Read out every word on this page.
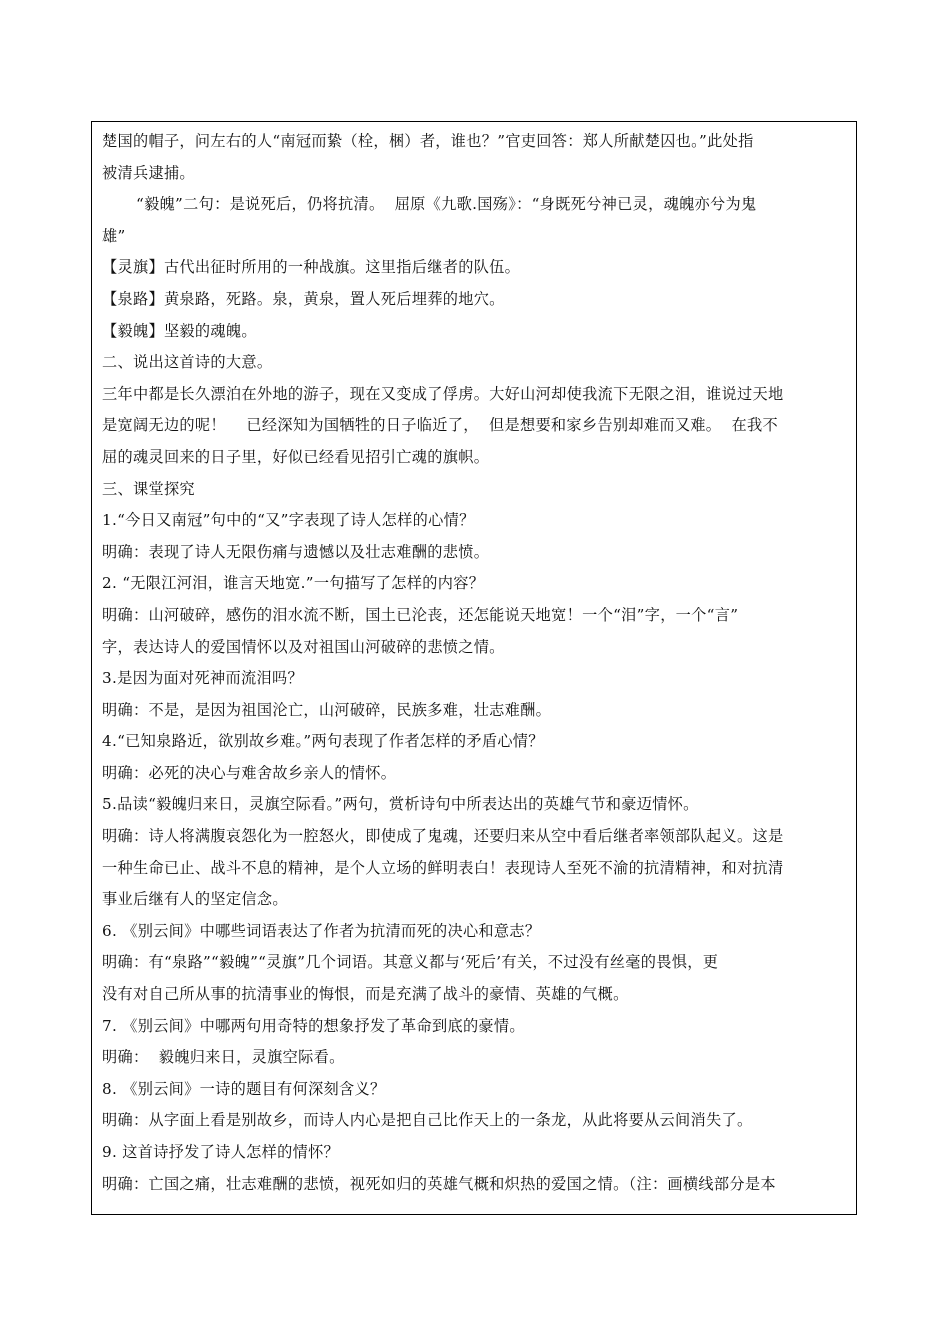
楚国的帽子，问左右的人“南冠而絷（栓，梱）者，谁也？”官吏回答：郑人所献楚囚也。”此处指

被清兵逮捕。

“毅魄”二句：是说死后，仍将抗清。  屈原《九歌.国殇》：“身既死兮神已灵，魂魄亦兮为鬼

雄”

【灵旗】古代出征时所用的一种战旗。这里指后继者的队伍。

【泉路】黄泉路，死路。泉，黄泉，置人死后埋葬的地穴。

【毅魄】坚毅的魂魄。

二、说出这首诗的大意。

三年中都是长久漂泊在外地的游子，现在又变成了俘虏。大好山河却使我流下无限之泪，谁说过天地

是宽阔无边的呢！    已经深知为国牺牲的日子临近了，  但是想要和家乡告别却难而又难。  在我不

屈的魂灵回来的日子里，好似已经看见招引亡魂的旗帜。

三、课堂探究

1.“今日又南冠”句中的“又”字表现了诗人怎样的心情？

明确：表现了诗人无限伤痛与遗憾以及壮志难酬的悲愤。

2. “无限江河泪，谁言天地宽.”一句描写了怎样的内容？

明确：山河破碎，感伤的泪水流不断，国土已沦丧，还怎能说天地宽！一个“泪”字，一个“言”

字，表达诗人的爱国情怀以及对祖国山河破碎的悲愤之情。

3.是因为面对死神而流泪吗？

明确：不是，是因为祖国沦亡，山河破碎，民族多难，壮志难酬。

4.“已知泉路近，欲别故乡难。”两句表现了作者怎样的矛盾心情？

明确：必死的决心与难舍故乡亲人的情怀。

5.品读“毅魄归来日，灵旗空际看。”两句，赏析诗句中所表达出的英雄气节和豪迈情怀。

明确：诗人将满腹哀怨化为一腔怒火，即使成了鬼魂，还要归来从空中看后继者率领部队起义。这是

一种生命已止、战斗不息的精神，是个人立场的鲜明表白！表现诗人至死不渝的抗清精神，和对抗清

事业后继有人的坚定信念。

6. 《别云间》中哪些词语表达了作者为抗清而死的决心和意志？

明确：有“泉路”“毅魄”“灵旗”几个词语。其意义都与‘死后’有关，不过没有丝毫的畏惧，更

没有对自己所从事的抗清事业的悔恨，而是充满了战斗的豪情、英雄的气概。

7. 《别云间》中哪两句用奇特的想象抒发了革命到底的豪情。

明确：  毅魄归来日，灵旗空际看。

8. 《别云间》一诗的题目有何深刻含义？

明确：从字面上看是别故乡，而诗人内心是把自己比作天上的一条龙，从此将要从云间消失了。

9. 这首诗抒发了诗人怎样的情怀？

明确：亡国之痛，壮志难酬的悲愤，视死如归的英雄气概和炽热的爱国之情。（注：画横线部分是本
